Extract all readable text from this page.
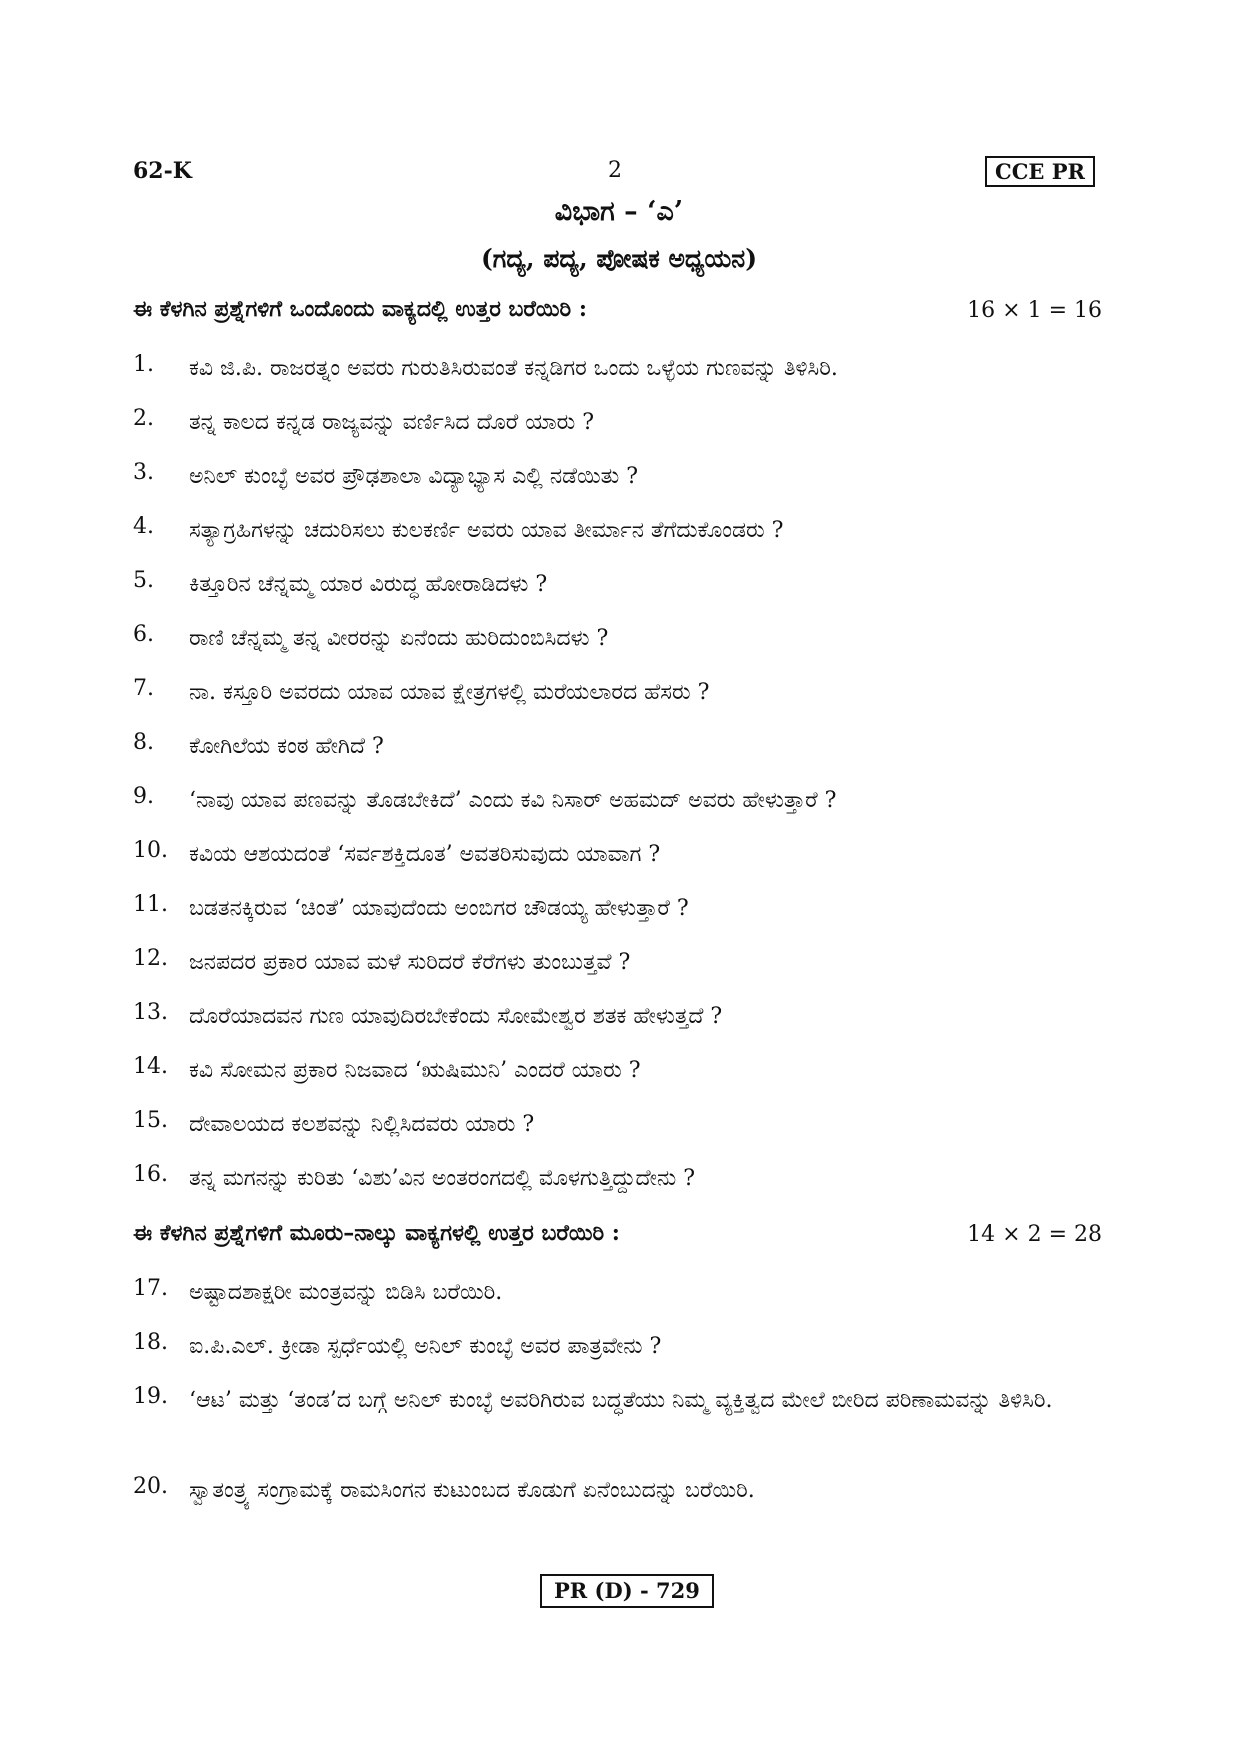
62-K	2	CCE PR
ವಿಭಾಗ – ‘ಎ’
(ಗದ್ಯ, ಪದ್ಯ, ಪೋಷಕ ಅಧ್ಯಯನ)
ಈ ಕೆಳಗಿನ ಪ್ರಶ್ನೆಗಳಿಗೆ ಒಂದೊಂದು ವಾಕ್ಯದಲ್ಲಿ ಉತ್ತರ ಬರೆಯಿರಿ :	16 × 1 = 16
1.	ಕವಿ ಜಿ.ಪಿ. ರಾಜರತ್ನಂ ಅವರು ಗುರುತಿಸಿರುವಂತೆ ಕನ್ನಡಿಗರ ಒಂದು ಒಳ್ಳೆಯ ಗುಣವನ್ನು ತಿಳಿಸಿರಿ.
2.	ತನ್ನ ಕಾಲದ ಕನ್ನಡ ರಾಜ್ಯವನ್ನು ವರ್ಣಿಸಿದ ದೊರೆ ಯಾರು ?
3.	ಅನಿಲ್ ಕುಂಬ್ಳೆ ಅವರ ಪ್ರೌಢಶಾಲಾ ವಿದ್ಯಾಭ್ಯಾಸ ಎಲ್ಲಿ ನಡೆಯಿತು ?
4.	ಸತ್ಯಾಗ್ರಹಿಗಳನ್ನು ಚದುರಿಸಲು ಕುಲಕರ್ಣಿ ಅವರು ಯಾವ ತೀರ್ಮಾನ ತೆಗೆದುಕೊಂಡರು ?
5.	ಕಿತ್ತೂರಿನ ಚೆನ್ನಮ್ಮ ಯಾರ ವಿರುದ್ಧ ಹೋರಾಡಿದಳು ?
6.	ರಾಣಿ ಚೆನ್ನಮ್ಮ ತನ್ನ ವೀರರನ್ನು ಏನೆಂದು ಹುರಿದುಂಬಿಸಿದಳು ?
7.	ನಾ. ಕಸ್ತೂರಿ ಅವರದು ಯಾವ ಯಾವ ಕ್ಷೇತ್ರಗಳಲ್ಲಿ ಮರೆಯಲಾರದ ಹೆಸರು ?
8.	ಕೋಗಿಲೆಯ ಕಂಠ ಹೇಗಿದೆ ?
9.	‘ನಾವು ಯಾವ ಪಣವನ್ನು ತೊಡಬೇಕಿದೆ’ ಎಂದು ಕವಿ ನಿಸಾರ್ ಅಹಮದ್ ಅವರು ಹೇಳುತ್ತಾರೆ ?
10. ಕವಿಯ ಆಶಯದಂತೆ ‘ಸರ್ವಶಕ್ತಿದೂತ’ ಅವತರಿಸುವುದು ಯಾವಾಗ ?
11. ಬಡತನಕ್ಕಿರುವ ‘ಚಿಂತೆ’ ಯಾವುದೆಂದು ಅಂಬಿಗರ ಚೌಡಯ್ಯ ಹೇಳುತ್ತಾರೆ ?
12. ಜನಪದರ ಪ್ರಕಾರ ಯಾವ ಮಳೆ ಸುರಿದರೆ ಕೆರೆಗಳು ತುಂಬುತ್ತವೆ ?
13. ದೊರೆಯಾದವನ ಗುಣ ಯಾವುದಿರಬೇಕೆಂದು ಸೋಮೇಶ್ವರ ಶತಕ ಹೇಳುತ್ತದೆ ?
14. ಕವಿ ಸೋಮನ ಪ್ರಕಾರ ನಿಜವಾದ ‘ಋಷಿಮುನಿ’ ಎಂದರೆ ಯಾರು ?
15. ದೇವಾಲಯದ ಕಲಶವನ್ನು ನಿಲ್ಲಿಸಿದವರು ಯಾರು ?
16. ತನ್ನ ಮಗನನ್ನು ಕುರಿತು ‘ವಿಶು’ವಿನ ಅಂತರಂಗದಲ್ಲಿ ಮೊಳಗುತ್ತಿದ್ದುದೇನು ?
ಈ ಕೆಳಗಿನ ಪ್ರಶ್ನೆಗಳಿಗೆ ಮೂರು–ನಾಲ್ಕು ವಾಕ್ಯಗಳಲ್ಲಿ ಉತ್ತರ ಬರೆಯಿರಿ :	14 × 2 = 28
17. ಅಷ್ಟಾದಶಾಕ್ಷರೀ ಮಂತ್ರವನ್ನು ಬಿಡಿಸಿ ಬರೆಯಿರಿ.
18. ಐ.ಪಿ.ಎಲ್. ಕ್ರೀಡಾ ಸ್ಪರ್ಧೆಯಲ್ಲಿ ಅನಿಲ್ ಕುಂಬ್ಳೆ ಅವರ ಪಾತ್ರವೇನು ?
19. ‘ಆಟ’ ಮತ್ತು ‘ತಂಡ’ದ ಬಗ್ಗೆ ಅನಿಲ್ ಕುಂಬ್ಳೆ ಅವರಿಗಿರುವ ಬದ್ಧತೆಯು ನಿಮ್ಮ ವ್ಯಕ್ತಿತ್ವದ ಮೇಲೆ ಬೀರಿದ ಪರಿಣಾಮವನ್ನು ತಿಳಿಸಿರಿ.
20. ಸ್ವಾತಂತ್ರ್ಯ ಸಂಗ್ರಾಮಕ್ಕೆ ರಾಮಸಿಂಗನ ಕುಟುಂಬದ ಕೊಡುಗೆ ಏನೆಂಬುದನ್ನು ಬರೆಯಿರಿ.
PR (D) - 729
